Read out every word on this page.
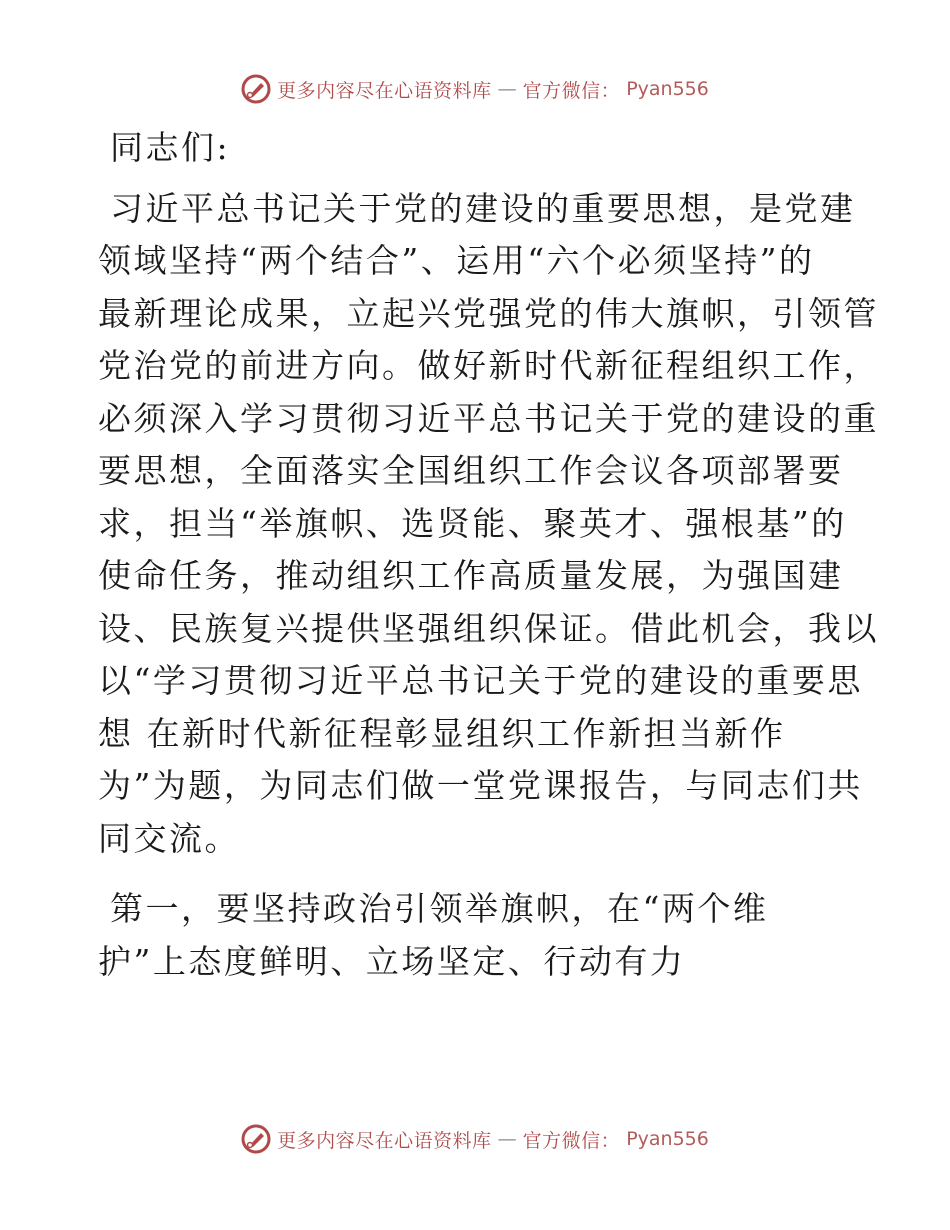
更多内容尽在心语资料库 — 官方微信： Pyan556
同志们:
习近平总书记关于党的建设的重要思想，是党建
领域坚持“两个结合”、运用“六个必须坚持”的
最新理论成果，立起兴党强党的伟大旗帜，引领管
党治党的前进方向。做好新时代新征程组织工作，
必须深入学习贯彻习近平总书记关于党的建设的重
要思想，全面落实全国组织工作会议各项部署要
求，担当“举旗帜、选贤能、聚英才、强根基”的
使命任务，推动组织工作高质量发展，为强国建
设、民族复兴提供坚强组织保证。借此机会，我以
以“学习贯彻习近平总书记关于党的建设的重要思
想 在新时代新征程彰显组织工作新担当新作
为”为题，为同志们做一堂党课报告，与同志们共
同交流。
第一，要坚持政治引领举旗帜，在“两个维
护”上态度鲜明、立场坚定、行动有力
更多内容尽在心语资料库 — 官方微信： Pyan556
